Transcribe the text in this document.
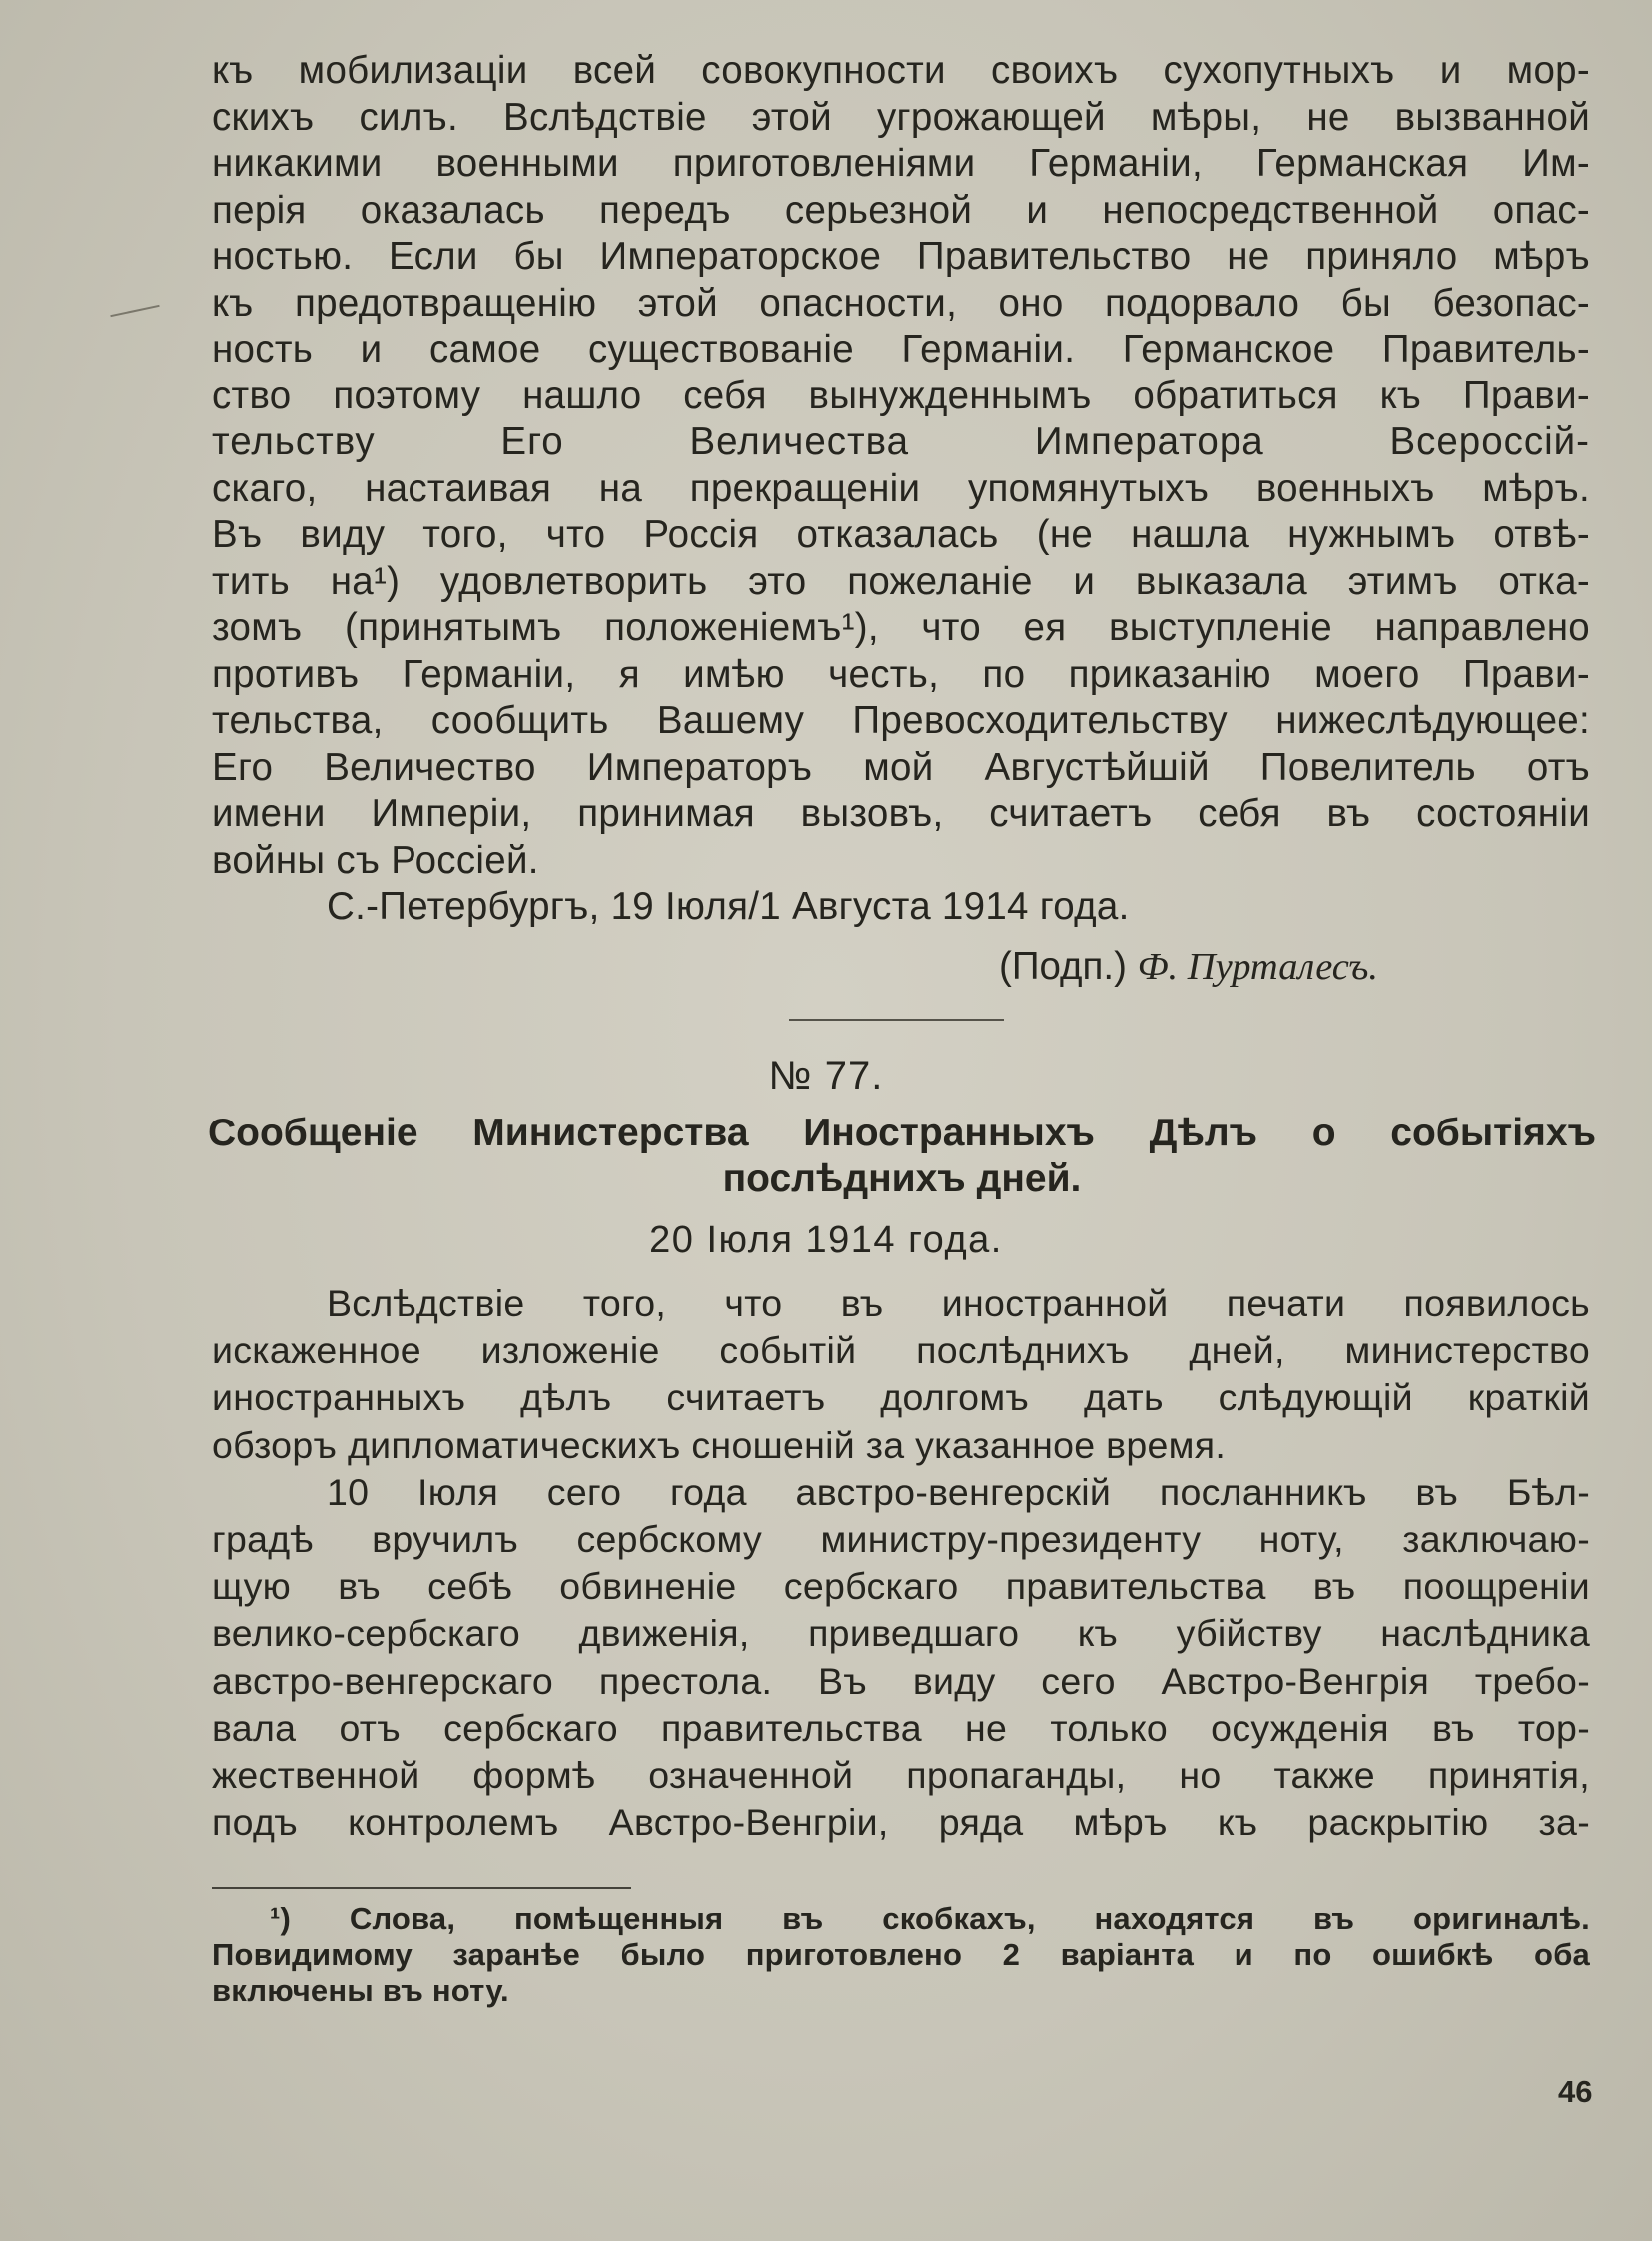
къ мобилизаціи всей совокупности своихъ сухопутныхъ и мор-
скихъ силъ. Вслѣдствіе этой угрожающей мѣры, не вызванной
никакими военными приготовленіями Германіи, Германская Им-
перія оказалась передъ серьезной и непосредственной опас-
ностью. Если бы Императорское Правительство не приняло мѣръ
къ предотвращенію этой опасности, оно подорвало бы безопас-
ность и самое существованіе Германіи. Германское Правитель-
ство поэтому нашло себя вынужденнымъ обратиться къ Прави-
тельству Его Величества Императора Всероссій-
скаго, настаивая на прекращеніи упомянутыхъ военныхъ мѣръ.
Въ виду того, что Россія отказалась (не нашла нужнымъ отвѣ-
тить на¹) удовлетворить это пожеланіе и выказала этимъ отка-
зомъ (принятымъ положеніемъ¹), что ея выступленіе направлено
противъ Германіи, я имѣю честь, по приказанію моего Прави-
тельства, сообщить Вашему Превосходительству нижеслѣдующее:
Его Величество Императоръ мой Августѣйшій Повелитель отъ
имени Имперіи, принимая вызовъ, считаетъ себя въ состояніи
войны съ Россіей.
С.-Петербургъ, 19 Іюля/1 Августа 1914 года.
(Подп.) Ф. Пурталесъ.
№ 77.
Сообщеніе Министерства Иностранныхъ Дѣлъ о событіяхъ
послѣднихъ дней.
20 Іюля 1914 года.
Вслѣдствіе того, что въ иностранной печати появилось
искаженное изложеніе событій послѣднихъ дней, министерство
иностранныхъ дѣлъ считаетъ долгомъ дать слѣдующій краткій
обзоръ дипломатическихъ сношеній за указанное время.
10 Іюля сего года австро-венгерскій посланникъ въ Бѣл-
градѣ вручилъ сербскому министру-президенту ноту, заключаю-
щую въ себѣ обвиненіе сербскаго правительства въ поощреніи
велико-сербскаго движенія, приведшаго къ убійству наслѣдника
австро-венгерскаго престола. Въ виду сего Австро-Венгрія требо-
вала отъ сербскаго правительства не только осужденія въ тор-
жественной формѣ означенной пропаганды, но также принятія,
подъ контролемъ Австро-Венгріи, ряда мѣръ къ раскрытію за-
¹) Слова, помѣщенныя въ скобкахъ, находятся въ оригиналѣ.
Повидимому заранѣе было приготовлено 2 варіанта и по ошибкѣ оба
включены въ ноту.
46
